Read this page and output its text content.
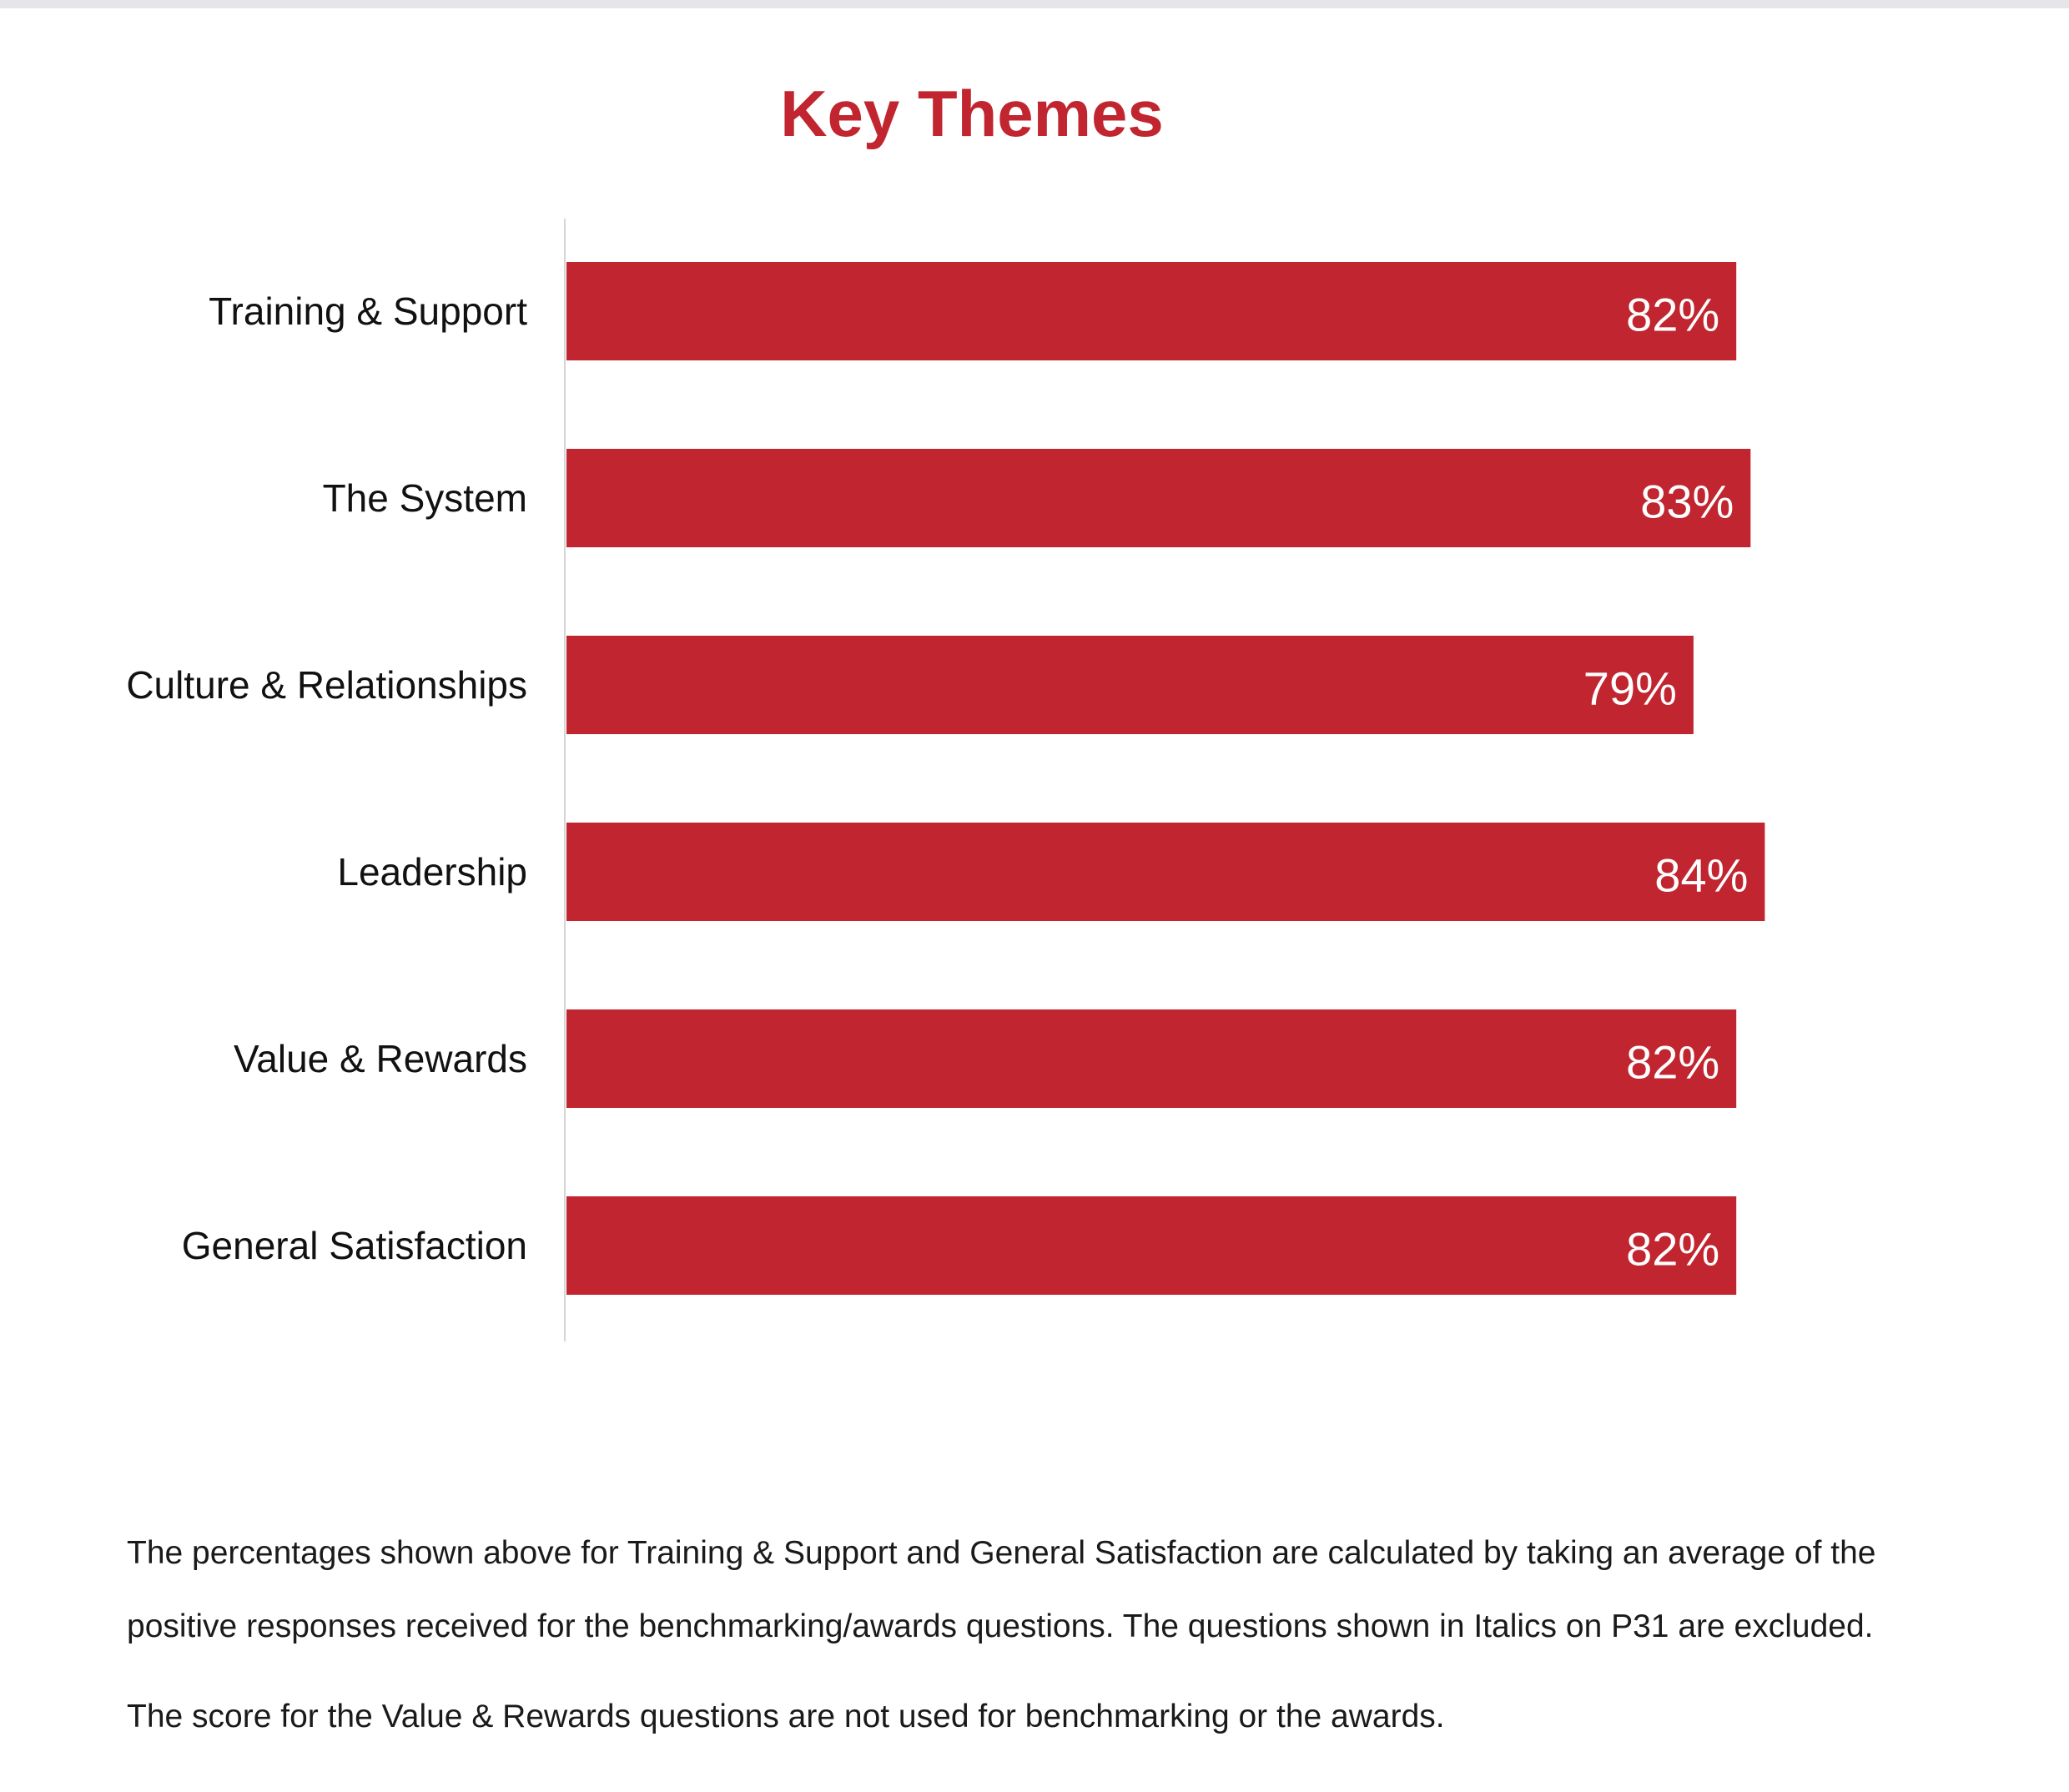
Key Themes
Training & Support	82%
The System	83%
Culture & Relationships	79%
Leadership	84%
Value & Rewards	82%
General Satisfaction	82%

The percentages shown above for Training & Support and General Satisfaction are calculated by taking an average of the positive responses received for the benchmarking/awards questions. The questions shown in Italics on P31 are excluded.

The score for the Value & Rewards questions are not used for benchmarking or the awards.
